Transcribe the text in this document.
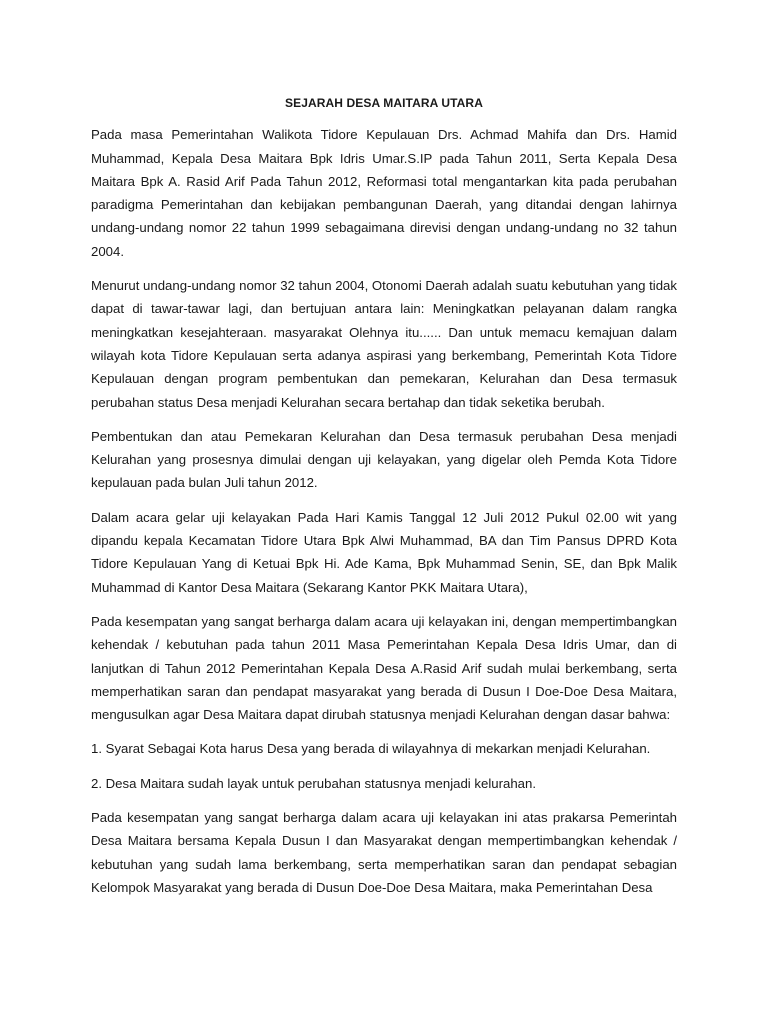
SEJARAH DESA MAITARA UTARA

Pada masa Pemerintahan Walikota Tidore Kepulauan Drs. Achmad Mahifa dan Drs. Hamid Muhammad, Kepala Desa Maitara Bpk Idris Umar.S.IP pada Tahun 2011, Serta Kepala Desa Maitara Bpk A. Rasid Arif Pada Tahun 2012, Reformasi total mengantarkan kita pada perubahan paradigma Pemerintahan dan kebijakan pembangunan Daerah, yang ditandai dengan lahirnya undang-undang nomor 22 tahun 1999 sebagaimana direvisi dengan undang-undang no 32 tahun 2004.

Menurut undang-undang nomor 32 tahun 2004, Otonomi Daerah adalah suatu kebutuhan yang tidak dapat di tawar-tawar lagi, dan bertujuan antara lain: Meningkatkan pelayanan dalam rangka meningkatkan kesejahteraan. masyarakat Olehnya itu...... Dan untuk memacu kemajuan dalam wilayah kota Tidore Kepulauan serta adanya aspirasi yang berkembang, Pemerintah Kota Tidore Kepulauan dengan program pembentukan dan pemekaran, Kelurahan dan Desa termasuk perubahan status Desa menjadi Kelurahan secara bertahap dan tidak seketika berubah.

Pembentukan dan atau Pemekaran Kelurahan dan Desa termasuk perubahan Desa menjadi Kelurahan yang prosesnya dimulai dengan uji kelayakan, yang digelar oleh Pemda Kota Tidore kepulauan pada bulan Juli tahun 2012.

Dalam acara gelar uji kelayakan Pada Hari Kamis Tanggal 12 Juli 2012 Pukul 02.00 wit yang dipandu kepala Kecamatan Tidore Utara Bpk Alwi Muhammad, BA dan Tim Pansus DPRD Kota Tidore Kepulauan Yang di Ketuai Bpk Hi. Ade Kama, Bpk Muhammad Senin, SE, dan Bpk Malik Muhammad di Kantor Desa Maitara (Sekarang Kantor PKK Maitara Utara),

Pada kesempatan yang sangat berharga dalam acara uji kelayakan ini, dengan mempertimbangkan kehendak / kebutuhan pada tahun 2011 Masa Pemerintahan Kepala Desa Idris Umar, dan di lanjutkan di Tahun 2012 Pemerintahan Kepala Desa A.Rasid Arif sudah mulai berkembang, serta memperhatikan saran dan pendapat masyarakat yang berada di Dusun I Doe-Doe Desa Maitara, mengusulkan agar Desa Maitara dapat dirubah statusnya menjadi Kelurahan dengan dasar bahwa:

1. Syarat Sebagai Kota harus Desa yang berada di wilayahnya di mekarkan menjadi Kelurahan.

2. Desa Maitara sudah layak untuk perubahan statusnya menjadi kelurahan.

Pada kesempatan yang sangat berharga dalam acara uji kelayakan ini atas prakarsa Pemerintah Desa Maitara bersama Kepala Dusun I dan Masyarakat dengan mempertimbangkan kehendak / kebutuhan yang sudah lama berkembang, serta memperhatikan saran dan pendapat sebagian Kelompok Masyarakat yang berada di Dusun Doe-Doe Desa Maitara, maka Pemerintahan Desa
